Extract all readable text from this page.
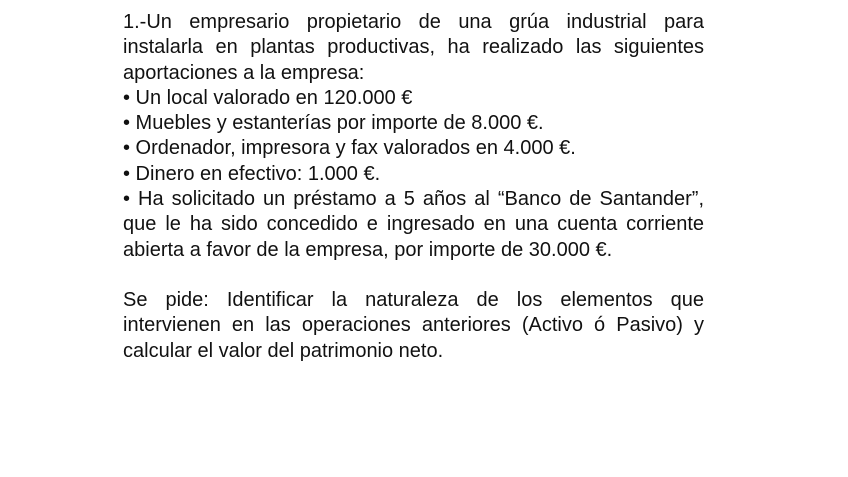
1.-Un empresario propietario de una grúa industrial para instalarla en plantas productivas, ha realizado las siguientes aportaciones a la empresa:

• Un local valorado en 120.000 €

• Muebles y estanterías por importe de 8.000 €.

• Ordenador, impresora y fax valorados en 4.000 €.

• Dinero en efectivo: 1.000 €.

• Ha solicitado un préstamo a 5 años al “Banco de Santander”, que le ha sido concedido e ingresado en una cuenta corriente abierta a favor de la empresa, por importe de 30.000 €.

Se pide: Identificar la naturaleza de los elementos que intervienen en las operaciones anteriores (Activo ó Pasivo) y calcular el valor del patrimonio neto.
